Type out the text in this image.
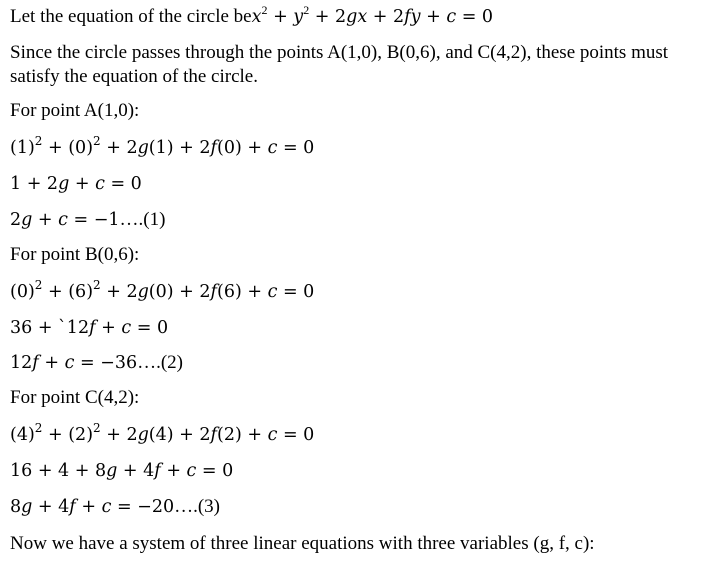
Let the equation of the circle $bex^2 + y^2 + 2gx + 2fy + c = 0$
Since the circle passes through the points A(1,0), B(0,6), and C(4,2), these points must
satisfy the equation of the circle.
For point A(1,0):
$(1)^2 + (0)^2 + 2g(1) + 2f(0) + c = 0$
1 + 2g + c = 0
2g + c = −1….(1)
For point B(0,6):
$(0)^2 + (6)^2 + 2g(0) + 2f(6) + c = 0$
36 + `12f + c = 0
12f + c = −36….(2)
For point C(4,2):
$(4)^2 + (2)^2 + 2g(4) + 2f(2) + c = 0$
16 + 4 + 8g + 4f + c = 0
8g + 4f + c = −20….(3)
Now we have a system of three linear equations with three variables (g, f, c):
